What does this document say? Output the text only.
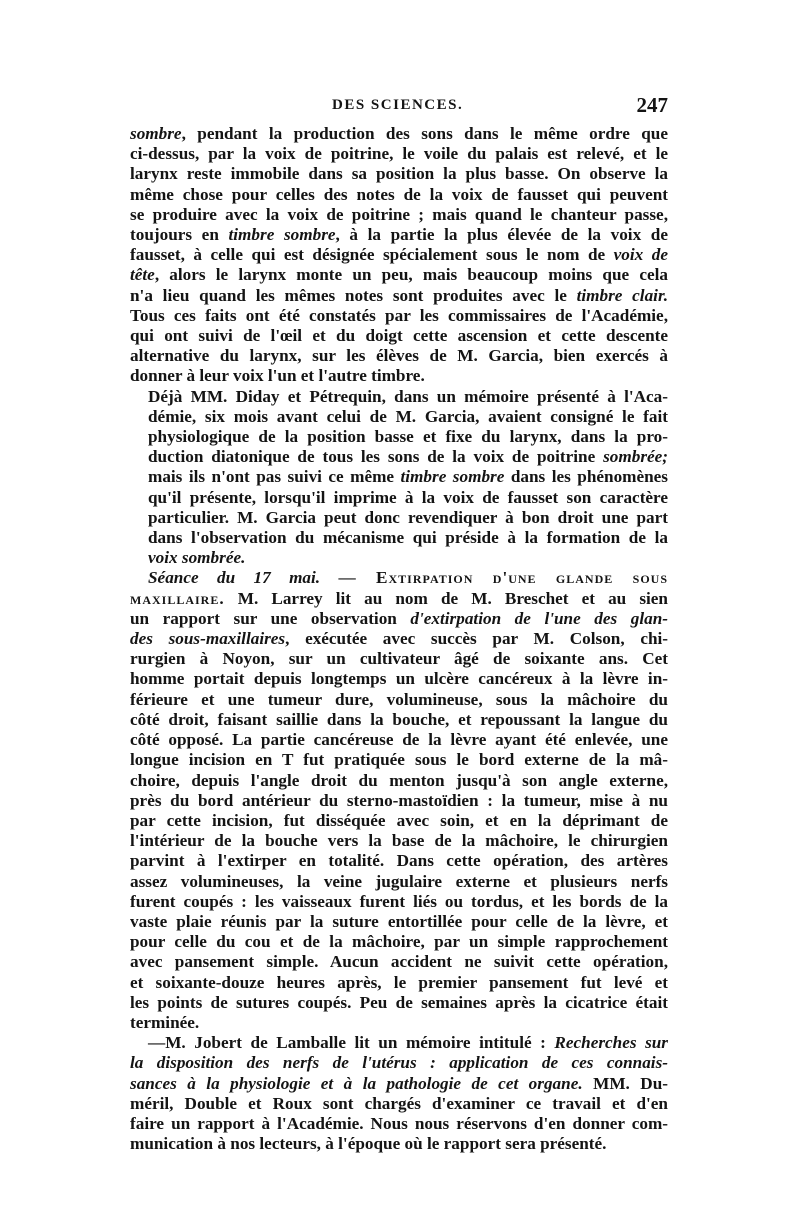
DES SCIENCES.	247
sombre, pendant la production des sons dans le même ordre que
ci-dessus, par la voix de poitrine, le voile du palais est relevé, et le
larynx reste immobile dans sa position la plus basse. On observe la
même chose pour celles des notes de la voix de fausset qui peuvent
se produire avec la voix de poitrine ; mais quand le chanteur passe,
toujours en timbre sombre, à la partie la plus élevée de la voix de
fausset, à celle qui est désignée spécialement sous le nom de voix de
tête, alors le larynx monte un peu, mais beaucoup moins que cela
n'a lieu quand les mêmes notes sont produites avec le timbre clair.
Tous ces faits ont été constatés par les commissaires de l'Académie,
qui ont suivi de l'œil et du doigt cette ascension et cette descente
alternative du larynx, sur les élèves de M. Garcia, bien exercés à
donner à leur voix l'un et l'autre timbre.
Déjà MM. Diday et Pétrequin, dans un mémoire présenté à l'Aca-
démie, six mois avant celui de M. Garcia, avaient consigné le fait
physiologique de la position basse et fixe du larynx, dans la pro-
duction diatonique de tous les sons de la voix de poitrine sombrée;
mais ils n'ont pas suivi ce même timbre sombre dans les phénomènes
qu'il présente, lorsqu'il imprime à la voix de fausset son caractère
particulier. M. Garcia peut donc revendiquer à bon droit une part
dans l'observation du mécanisme qui préside à la formation de la
voix sombrée.
Séance du 17 mai. — Extirpation d'une glande sous
maxillaire. M. Larrey lit au nom de M. Breschet et au sien
un rapport sur une observation d'extirpation de l'une des glan-
des sous-maxillaires, exécutée avec succès par M. Colson, chi-
rurgien à Noyon, sur un cultivateur âgé de soixante ans. Cet
homme portait depuis longtemps un ulcère cancéreux à la lèvre in-
férieure et une tumeur dure, volumineuse, sous la mâchoire du
côté droit, faisant saillie dans la bouche, et repoussant la langue du
côté opposé. La partie cancéreuse de la lèvre ayant été enlevée, une
longue incision en T fut pratiquée sous le bord externe de la mâ-
choire, depuis l'angle droit du menton jusqu'à son angle externe,
près du bord antérieur du sterno-mastoïdien : la tumeur, mise à nu
par cette incision, fut disséquée avec soin, et en la déprimant de
l'intérieur de la bouche vers la base de la mâchoire, le chirurgien
parvint à l'extirper en totalité. Dans cette opération, des artères
assez volumineuses, la veine jugulaire externe et plusieurs nerfs
furent coupés : les vaisseaux furent liés ou tordus, et les bords de la
vaste plaie réunis par la suture entortillée pour celle de la lèvre, et
pour celle du cou et de la mâchoire, par un simple rapprochement
avec pansement simple. Aucun accident ne suivit cette opération,
et soixante-douze heures après, le premier pansement fut levé et
les points de sutures coupés. Peu de semaines après la cicatrice était
terminée.
—M. Jobert de Lamballe lit un mémoire intitulé : Recherches sur
la disposition des nerfs de l'utérus : application de ces connais-
sances à la physiologie et à la pathologie de cet organe. MM. Du-
méril, Double et Roux sont chargés d'examiner ce travail et d'en
faire un rapport à l'Académie. Nous nous réservons d'en donner com-
munication à nos lecteurs, à l'époque où le rapport sera présenté.
